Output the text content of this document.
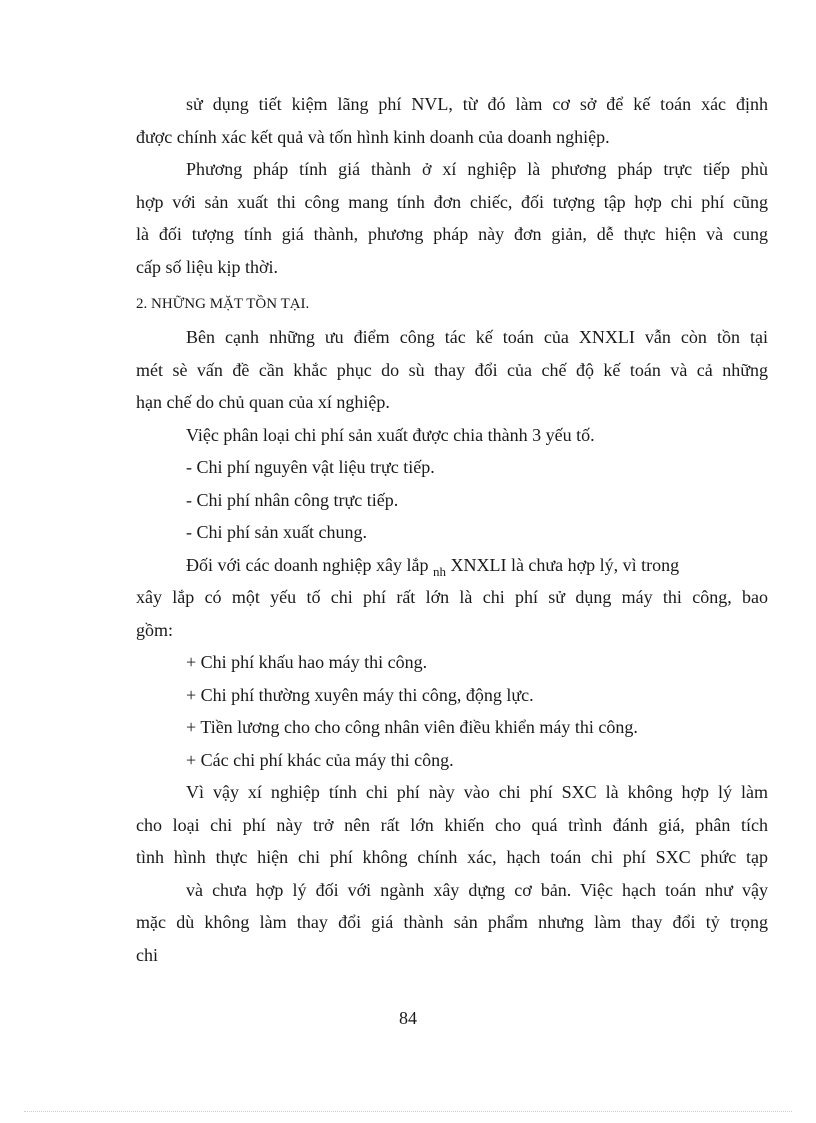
sử dụng tiết kiệm lãng phí NVL, từ đó làm cơ sở để kế toán xác định
được chính xác kết quả và tốn hình kinh doanh của doanh nghiệp.
Phương pháp tính giá thành ở xí nghiệp là phương pháp trực tiếp phù
hợp với sản xuất thi công mang tính đơn chiếc, đối tượng tập hợp chi phí cũng
là đối tượng tính giá thành, phương pháp này đơn giản, dễ thực hiện và cung
cấp số liệu kịp thời.
2. NHỮNG MẶT TỒN TẠI.
Bên cạnh những ưu điểm công tác kế toán của XNXLI vẫn còn tồn tại
mét sè vấn đề cần khắc phục do sù thay đổi của chế độ kế toán và cả những
hạn chế do chủ quan của xí nghiệp.
Việc phân loại chi phí sản xuất được chia thành 3 yếu tố.
- Chi phí nguyên vật liệu trực tiếp.
- Chi phí nhân công trực tiếp.
- Chi phí sản xuất chung.
Đối với các doanh nghiệp xây lắp $_{nh}$ XNXLI là chưa hợp lý, vì trong
xây lắp có một yếu tố chi phí rất lớn là chi phí sử dụng máy thi công, bao
gồm:
+ Chi phí khấu hao máy thi công.
+ Chi phí thường xuyên máy thi công, động lực.
+ Tiền lương cho cho công nhân viên điều khiển máy thi công.
+ Các chi phí khác của máy thi công.
Vì vậy xí nghiệp tính chi phí này vào chi phí SXC là không hợp lý làm
cho loại chi phí này trở nên rất lớn khiến cho quá trình đánh giá, phân tích
tình hình thực hiện chi phí không chính xác, hạch toán chi phí SXC phức tạp
và chưa hợp lý đối với ngành xây dựng cơ bản. Việc hạch toán như vậy
mặc dù không làm thay đổi giá thành sản phẩm nhưng làm thay đổi tỷ trọng
chi
84
